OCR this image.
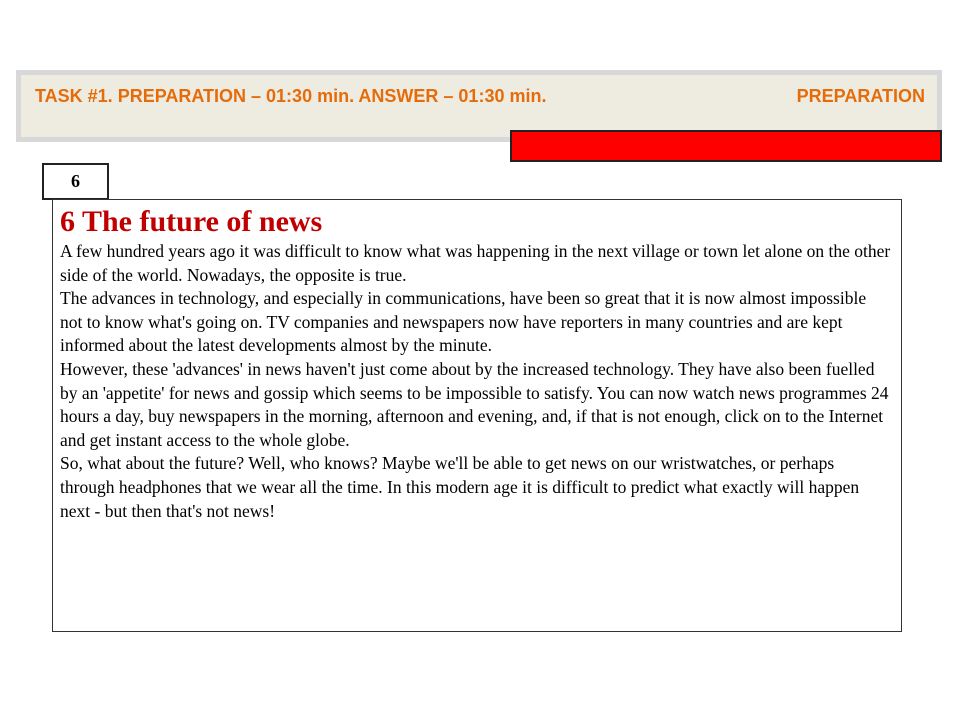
TASK #1. PREPARATION – 01:30 min. ANSWER – 01:30 min.	PREPARATION
6
6 The future of news

A few hundred years ago it was difficult to know what was happening in the next village or town let alone on the other side of the world. Nowadays, the opposite is true.

The advances in technology, and especially in communications, have been so great that it is now almost impossible not to know what's going on. TV companies and newspapers now have reporters in many countries and are kept informed about the latest developments almost by the minute.

However, these 'advances' in news haven't just come about by the increased technology. They have also been fuelled by an 'appetite' for news and gossip which seems to be impossible to satisfy. You can now watch news programmes 24 hours a day, buy newspapers in the morning, afternoon and evening, and, if that is not enough, click on to the Internet and get instant access to the whole globe.

So, what about the future? Well, who knows? Maybe we'll be able to get news on our wristwatches, or perhaps through headphones that we wear all the time. In this modern age it is difficult to predict what exactly will happen next - but then that's not news!
